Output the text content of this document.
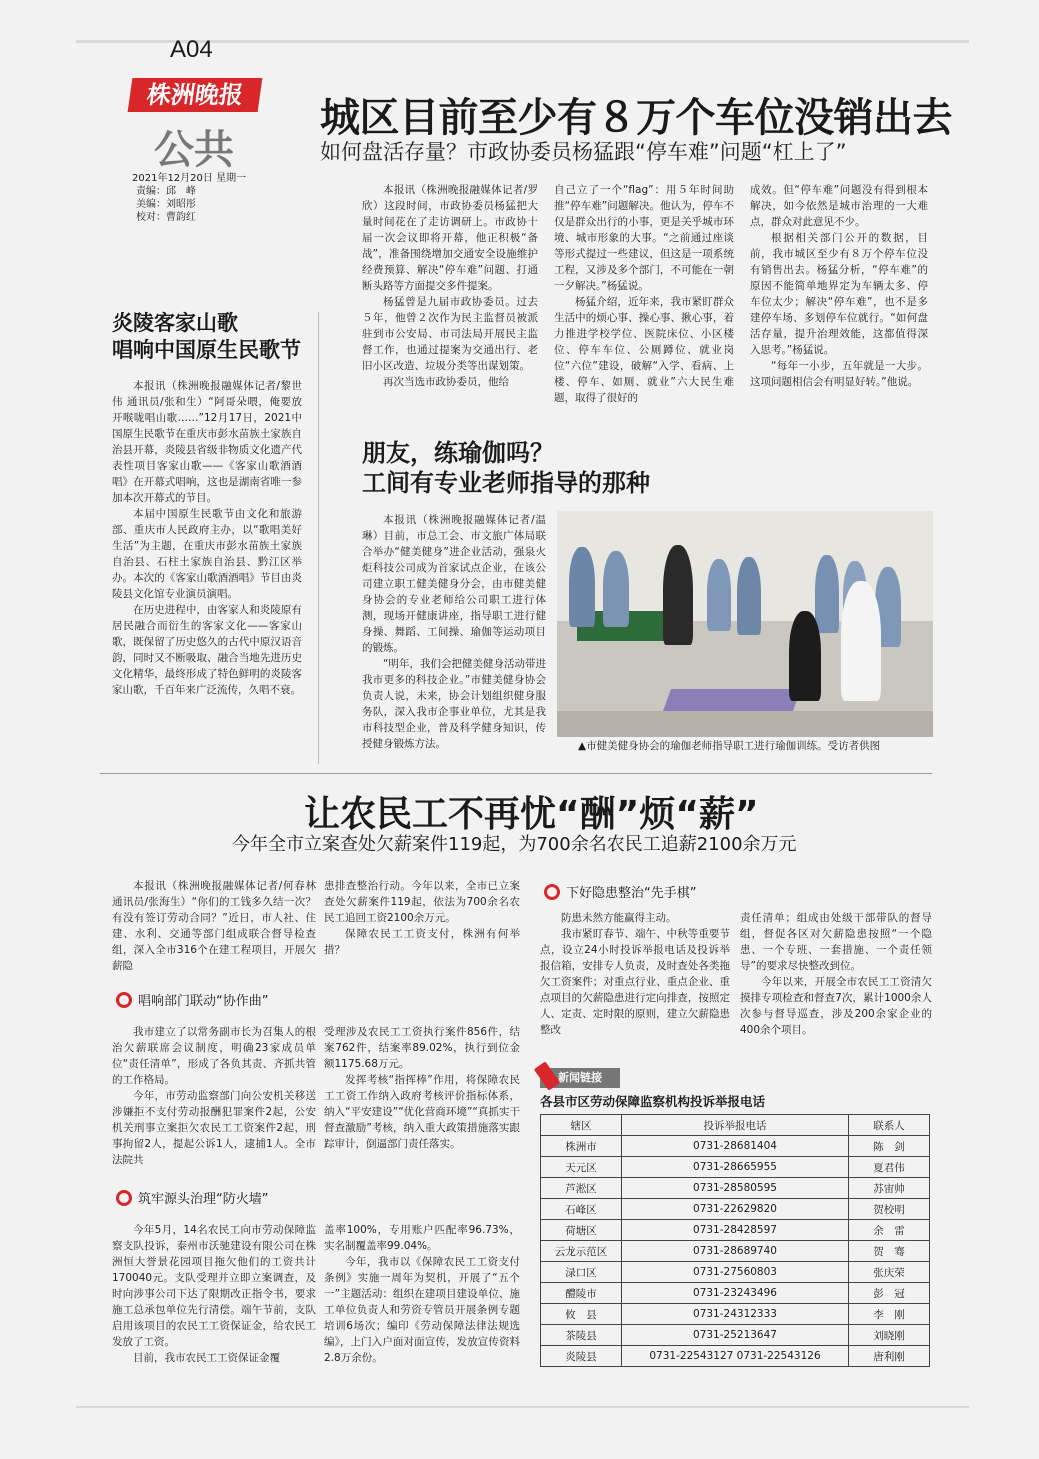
A04
株洲晚报
公共
2021年12月20日 星期一
责编：邱　峰
美编：刘昭彤
校对：曹韵红
城区目前至少有８万个车位没销出去
如何盘活存量？市政协委员杨猛跟“停车难”问题“杠上了”

本报讯（株洲晚报融媒体记者/罗欣）这段时间，市政协委员杨猛把大量时间花在了走访调研上。市政协十届一次会议即将开幕，他正积极“备战”，准备围绕增加交通安全设施维护经费预算、解决“停车难”问题、打通断头路等方面提交多件提案。

杨猛曾是九届市政协委员。过去５年，他曾２次作为民主监督员被派驻到市公安局、市司法局开展民主监督工作，也通过提案为交通出行、老旧小区改造、垃圾分类等出谋划策。

再次当选市政协委员，他给

自己立了一个“flag”：用５年时间助推“停车难”问题解决。他认为，停车不仅是群众出行的小事，更是关乎城市环境、城市形象的大事。“之前通过座谈等形式提过一些建议，但这是一项系统工程，又涉及多个部门，不可能在一朝一夕解决。”杨猛说。

杨猛介绍，近年来，我市紧盯群众生活中的烦心事、操心事、揪心事，着力推进学校学位、医院床位、小区楼位、停车车位、公厕蹲位、就业岗位“六位”建设，破解“入学、看病、上楼、停车、如厕、就业”六大民生难题，取得了很好的

成效。但“停车难”问题没有得到根本解决，如今依然是城市治理的一大难点，群众对此意见不少。

根据相关部门公开的数据，目前，我市城区至少有８万个停车位没有销售出去。杨猛分析，“停车难”的原因不能简单地界定为车辆太多、停车位太少；解决“停车难”，也不是多建停车场、多划停车位就行。“如何盘活存量，提升治理效能，这都值得深入思考。”杨猛说。

“每年一小步，五年就是一大步。这项问题相信会有明显好转。”他说。

炎陵客家山歌
唱响中国原生民歌节

本报讯（株洲晚报融媒体记者/黎世伟 通讯员/张和生）“阿哥朵喂，俺要放开喉咙唱山歌……”12月17日，2021中国原生民歌节在重庆市彭水苗族土家族自治县开幕，炎陵县省级非物质文化遗产代表性项目客家山歌——《客家山歌酒酒唱》在开幕式唱响，这也是湖南省唯一参加本次开幕式的节目。

本届中国原生民歌节由文化和旅游部、重庆市人民政府主办，以“歌唱美好生活”为主题，在重庆市彭水苗族土家族自治县、石柱土家族自治县、黔江区举办。本次的《客家山歌酒酒唱》节目由炎陵县文化馆专业演员演唱。

在历史进程中，由客家人和炎陵原有居民融合而衍生的客家文化——客家山歌，既保留了历史悠久的古代中原汉语音韵，同时又不断吸取、融合当地先进历史文化精华，最终形成了特色鲜明的炎陵客家山歌，千百年来广泛流传，久唱不衰。

朋友，练瑜伽吗？
工间有专业老师指导的那种

本报讯（株洲晚报融媒体记者/温琳）目前，市总工会、市文旅广体局联合举办“健美健身”进企业活动，强泉火炬科技公司成为首家试点企业，在该公司建立职工健美健身分会，由市健美健身协会的专业老师给公司职工进行体测，现场开健康讲座，指导职工进行健身操、舞蹈、工间操、瑜伽等运动项目的锻炼。

“明年，我们会把健美健身活动带进我市更多的科技企业。”市健美健身协会负责人说，未来，协会计划组织健身服务队，深入我市企事业单位，尤其是我市科技型企业，普及科学健身知识，传授健身锻炼方法。	▲市健美健身协会的瑜伽老师指导职工进行瑜伽训练。受访者供图
让农民工不再忧“酬”烦“薪”
今年全市立案查处欠薪案件119起，为700余名农民工追薪2100余万元

本报讯（株洲晚报融媒体记者/何春林 通讯员/张海生）“你们的工钱多久结一次？有没有签订劳动合同？”近日，市人社、住建、水利、交通等部门组成联合督导检查组，深入全市316个在建工程项目，开展欠薪隐

患排查整治行动。今年以来，全市已立案查处欠薪案件119起，依法为700余名农民工追回工资2100余万元。

保障农民工工资支付，株洲有何举措？

唱响部门联动“协作曲”

我市建立了以常务副市长为召集人的根治欠薪联席会议制度，明确23家成员单位“责任清单”，形成了各负其责、齐抓共管的工作格局。

今年，市劳动监察部门向公安机关移送涉嫌拒不支付劳动报酬犯罪案件2起，公安机关刑事立案拒欠农民工工资案件2起，刑事拘留2人，提起公诉1人，逮捕1人。全市法院共

受理涉及农民工工资执行案件856件，结案762件，结案率89.02%，执行到位金额1175.68万元。

发挥考核“指挥棒”作用，将保障农民工工资工作纳入政府考核评价指标体系，纳入“平安建设”“优化营商环境”“真抓实干督查激励”考核，纳入重大政策措施落实跟踪审计，倒逼部门责任落实。

筑牢源头治理“防火墙”

今年5月，14名农民工向市劳动保障监察支队投诉，泰州市沃驰建设有限公司在株洲恒大誉景花园项目拖欠他们的工资共计170040元。支队受理并立即立案调查，及时向涉事公司下达了限期改正指令书，要求施工总承包单位先行清偿。端午节前，支队启用该项目的农民工工资保证金，给农民工发放了工资。

目前，我市农民工工资保证金覆

盖率100%，专用账户匹配率96.73%，实名制覆盖率99.04%。

今年，我市以《保障农民工工资支付条例》实施一周年为契机，开展了“五个一”主题活动：组织在建项目建设单位、施工单位负责人和劳资专管员开展条例专题培训6场次；编印《劳动保障法律法规选编》，上门入户面对面宣传，发放宣传资料2.8万余份。

下好隐患整治“先手棋”

防患未然方能赢得主动。

我市紧盯春节、端午、中秋等重要节点，设立24小时投诉举报电话及投诉举报信箱，安排专人负责，及时查处各类拖欠工资案件；对重点行业、重点企业、重点项目的欠薪隐患进行定向排查，按照定人、定责、定时限的原则，建立欠薪隐患整改

责任清单；组成由处级干部带队的督导组，督促各区对欠薪隐患按照“一个隐患、一个专班、一套措施、一个责任领导”的要求尽快整改到位。

今年以来，开展全市农民工工资清欠摸排专项检查和督查7次，累计1000余人次参与督导巡查，涉及200余家企业的400余个项目。

新闻链接
各县市区劳动保障监察机构投诉举报电话
辖区	投诉举报电话	联系人
株洲市	0731-28681404	陈　剑
天元区	0731-28665955	夏君伟
芦淞区	0731-28580595	苏宙帅
石峰区	0731-22629820	贺校明
荷塘区	0731-28428597	余　雷
云龙示范区	0731-28689740	贺　骞
渌口区	0731-27560803	张庆荣
醴陵市	0731-23243496	彭　冠
攸　县	0731-24312333	李　刚
茶陵县	0731-25213647	刘晓刚
炎陵县	0731-22543127 0731-22543126	唐利刚
